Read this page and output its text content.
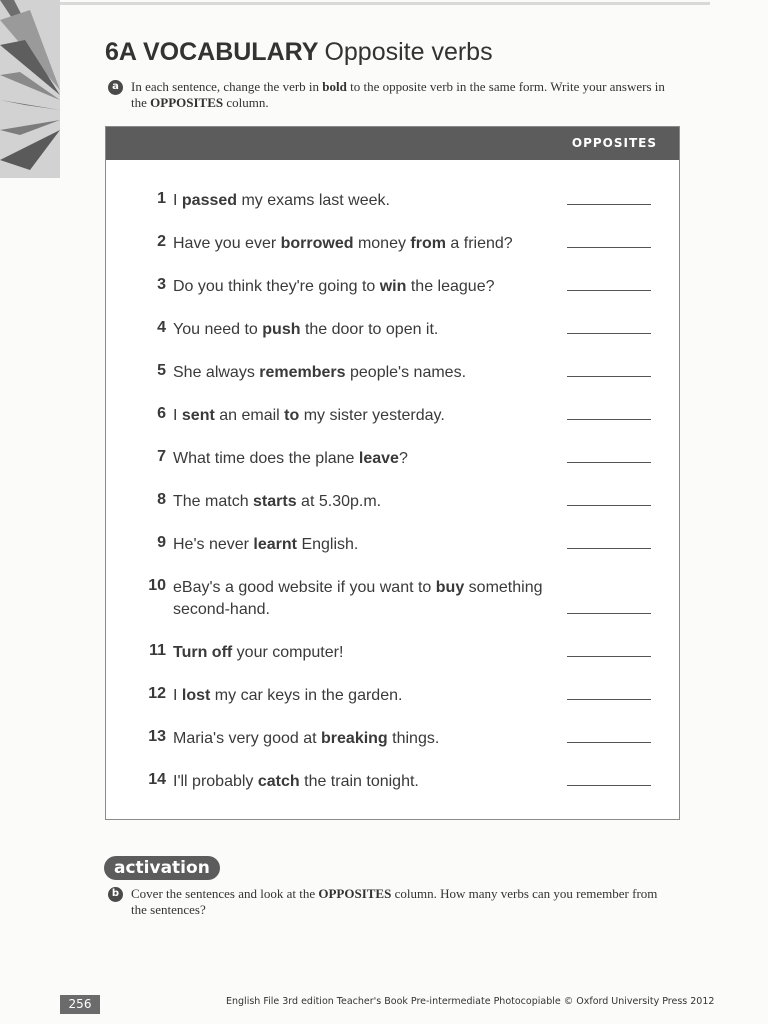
6A VOCABULARY Opposite verbs
a In each sentence, change the verb in bold to the opposite verb in the same form. Write your answers in the OPPOSITES column.
OPPOSITES
1 I passed my exams last week.
2 Have you ever borrowed money from a friend?
3 Do you think they're going to win the league?
4 You need to push the door to open it.
5 She always remembers people's names.
6 I sent an email to my sister yesterday.
7 What time does the plane leave?
8 The match starts at 5.30p.m.
9 He's never learnt English.
10 eBay's a good website if you want to buy something second-hand.
11 Turn off your computer!
12 I lost my car keys in the garden.
13 Maria's very good at breaking things.
14 I'll probably catch the train tonight.
activation
b Cover the sentences and look at the OPPOSITES column. How many verbs can you remember from the sentences?
256	English File 3rd edition Teacher's Book Pre-intermediate Photocopiable © Oxford University Press 2012
